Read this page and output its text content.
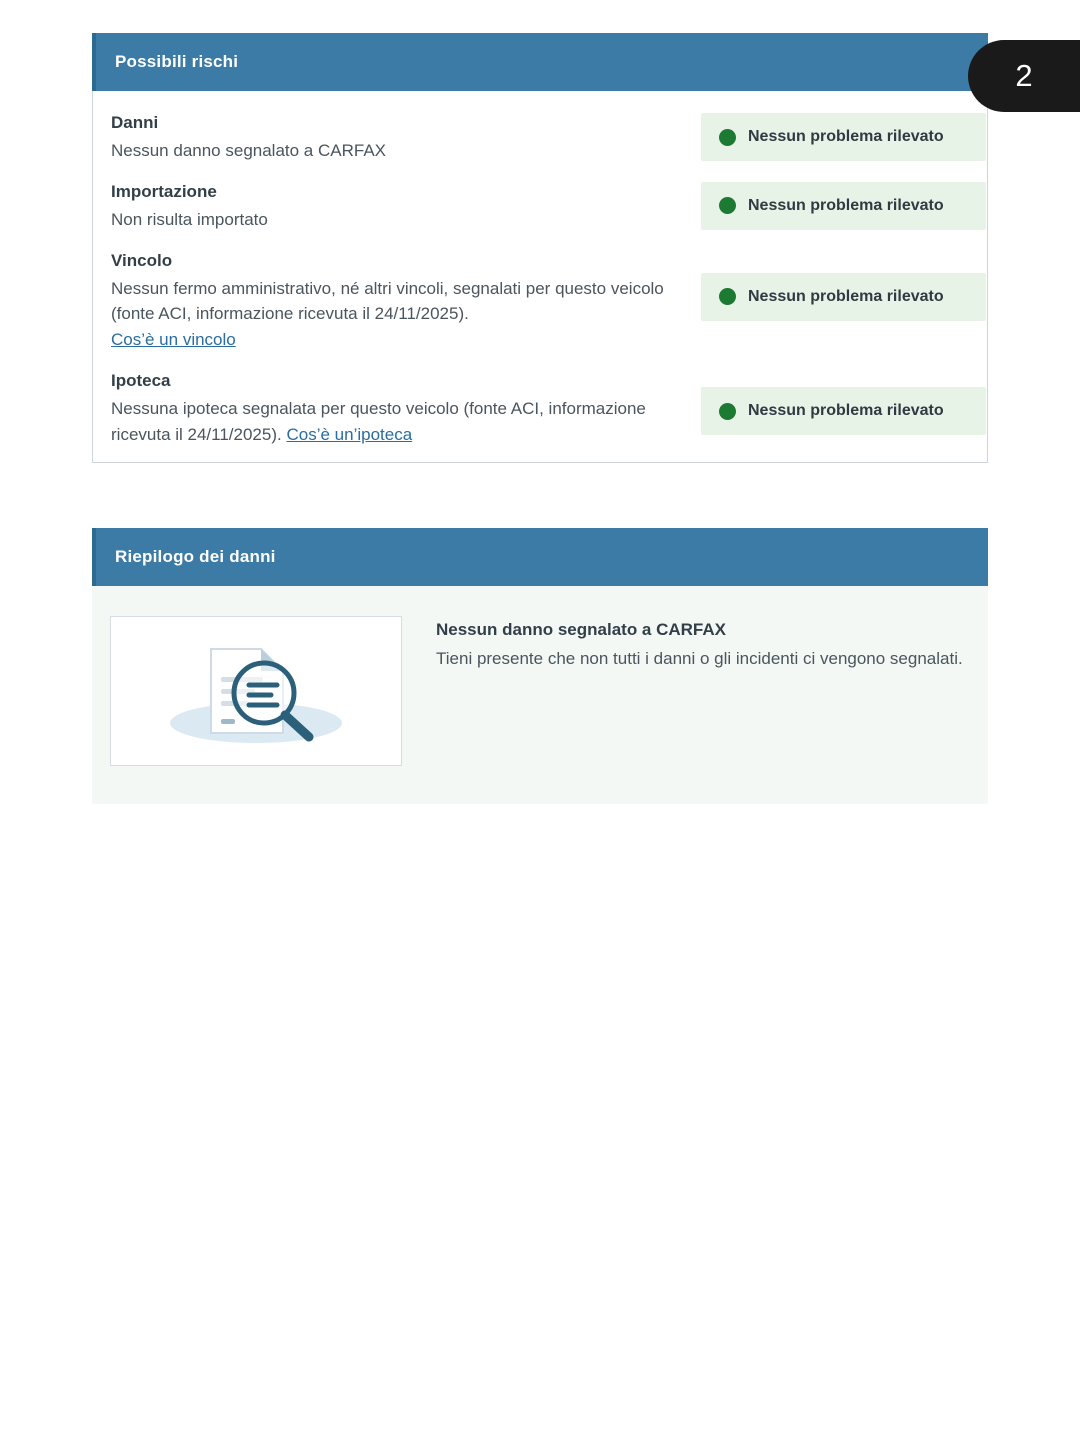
2
Possibili rischi
Danni
Nessun danno segnalato a CARFAX
Nessun problema rilevato
Importazione
Non risulta importato
Nessun problema rilevato
Vincolo
Nessun fermo amministrativo, né altri vincoli, segnalati per questo veicolo (fonte ACI, informazione ricevuta il 24/11/2025).
Cos’è un vincolo
Nessun problema rilevato
Ipoteca
Nessuna ipoteca segnalata per questo veicolo (fonte ACI, informazione ricevuta il 24/11/2025). Cos’è un’ipoteca
Nessun problema rilevato
Riepilogo dei danni
Nessun danno segnalato a CARFAX
Tieni presente che non tutti i danni o gli incidenti ci vengono segnalati.
